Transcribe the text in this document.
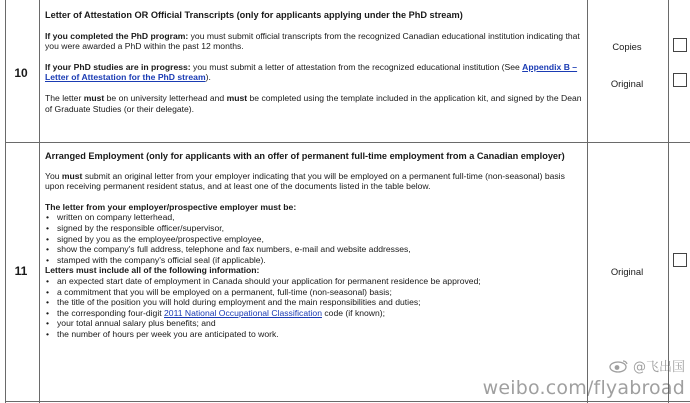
10

Letter of Attestation OR Official Transcripts (only for applicants applying under the PhD stream)

If you completed the PhD program: you must submit official transcripts from the recognized Canadian educational institution indicating that you were awarded a PhD within the past 12 months.

If your PhD studies are in progress: you must submit a letter of attestation from the recognized educational institution (See Appendix B – Letter of Attestation for the PhD stream).

The letter must be on university letterhead and must be completed using the template included in the application kit, and signed by the Dean of Graduate Studies (or their delegate).

Copies
Original
11

Arranged Employment (only for applicants with an offer of permanent full-time employment from a Canadian employer)

You must submit an original letter from your employer indicating that you will be employed on a permanent full-time (non-seasonal) basis upon receiving permanent resident status, and at least one of the documents listed in the table below.

The letter from your employer/prospective employer must be:

• written on company letterhead,
• signed by the responsible officer/supervisor,
• signed by you as the employee/prospective employee,
• show the company's full address, telephone and fax numbers, e-mail and website addresses,
• stamped with the company's official seal (if applicable).

Letters must include all of the following information:

• an expected start date of employment in Canada should your application for permanent residence be approved;
• a commitment that you will be employed on a permanent, full-time (non-seasonal) basis;
• the title of the position you will hold during employment and the main responsibilities and duties;
• the corresponding four-digit 2011 National Occupational Classification code (if known);
• your total annual salary plus benefits; and
• the number of hours per week you are anticipated to work.
Original
@飞出国
weibo.com/flyabroad
